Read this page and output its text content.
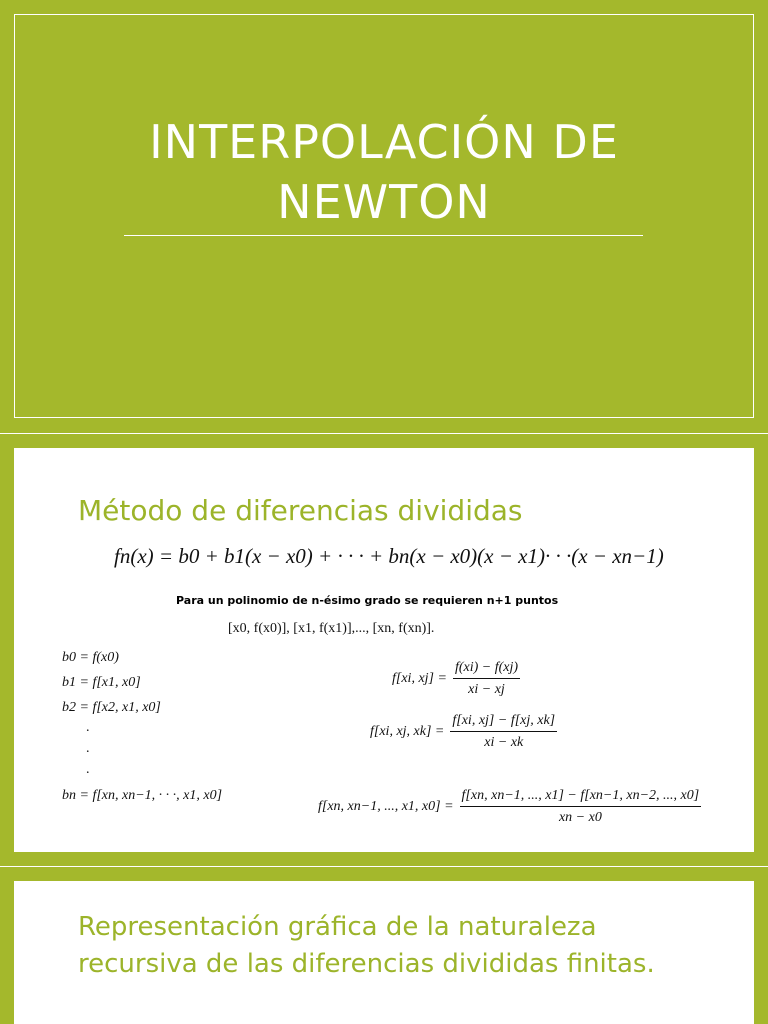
INTERPOLACIÓN DE
NEWTON
Método de diferencias divididas
fn(x) = b0 + b1(x − x0) + · · · + bn(x − x0)(x − x1)· · ·(x − xn−1)
Para un polinomio de n-ésimo grado se requieren n+1 puntos
[x0, f(x0)], [x1, f(x1)],..., [xn, f(xn)].
b0 = f(x0)
b1 = f[x1, x0]
b2 = f[x2, x1, x0]
.
.
.
bn = f[xn, xn−1, · · ·, x1, x0]
f[xi, $xj] = \frac{f(xi) - f(xj)}{xi - xj}$
f[xi, xj, $xk] = \frac{f[xi, xj] - f[xj, xk]}{xi - xk}$
f[xn, xn−1, ..., x1, $x0] = \frac{f[xn, xn-1, ..., x1] - f[xn-1, xn-2, ..., x0]}{xn - x0}$
Representación gráfica de la naturaleza
recursiva de las diferencias divididas finitas.
